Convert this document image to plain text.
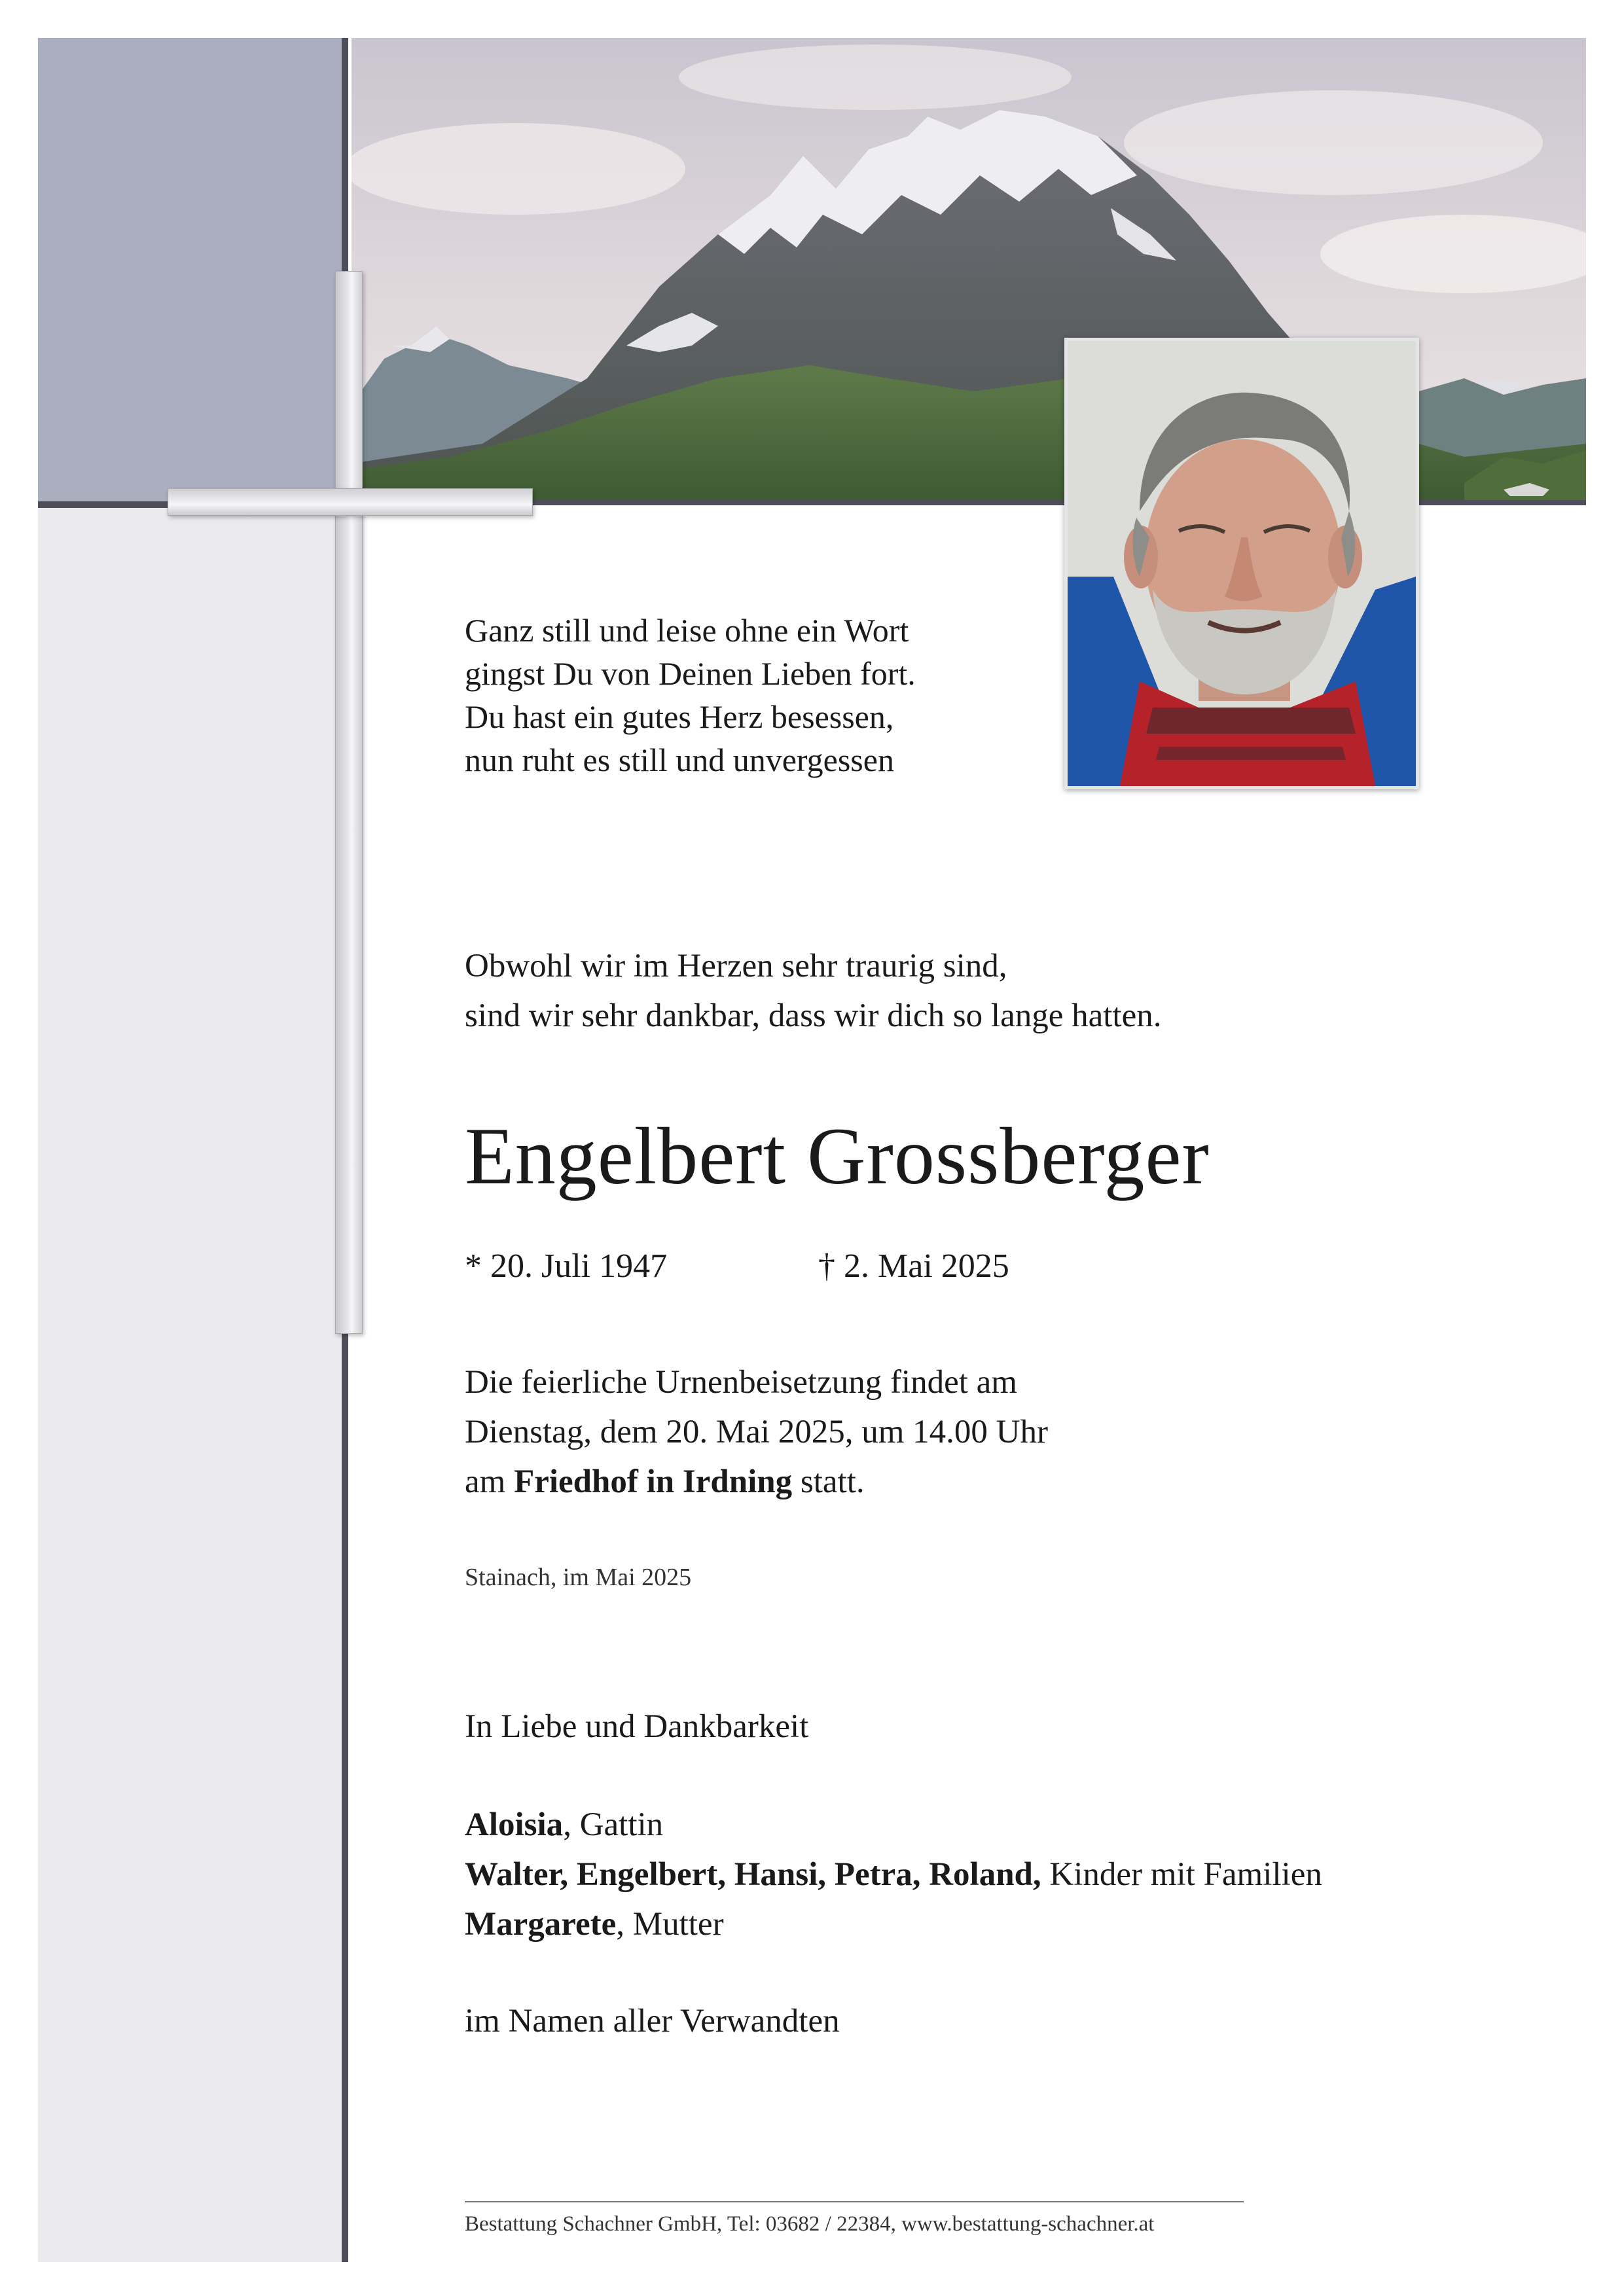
Ganz still und leise ohne ein Wort
gingst Du von Deinen Lieben fort.
Du hast ein gutes Herz besessen,
nun ruht es still und unvergessen
Obwohl wir im Herzen sehr traurig sind,
sind wir sehr dankbar, dass wir dich so lange hatten.
Engelbert Grossberger
* 20. Juli 1947	† 2. Mai 2025
Die feierliche Urnenbeisetzung findet am
Dienstag, dem 20. Mai 2025, um 14.00 Uhr
am Friedhof in Irdning statt.
Stainach, im Mai 2025
In Liebe und Dankbarkeit
Aloisia, Gattin
Walter, Engelbert, Hansi, Petra, Roland, Kinder mit Familien
Margarete, Mutter
im Namen aller Verwandten
Bestattung Schachner GmbH, Tel: 03682 / 22384, www.bestattung-schachner.at
